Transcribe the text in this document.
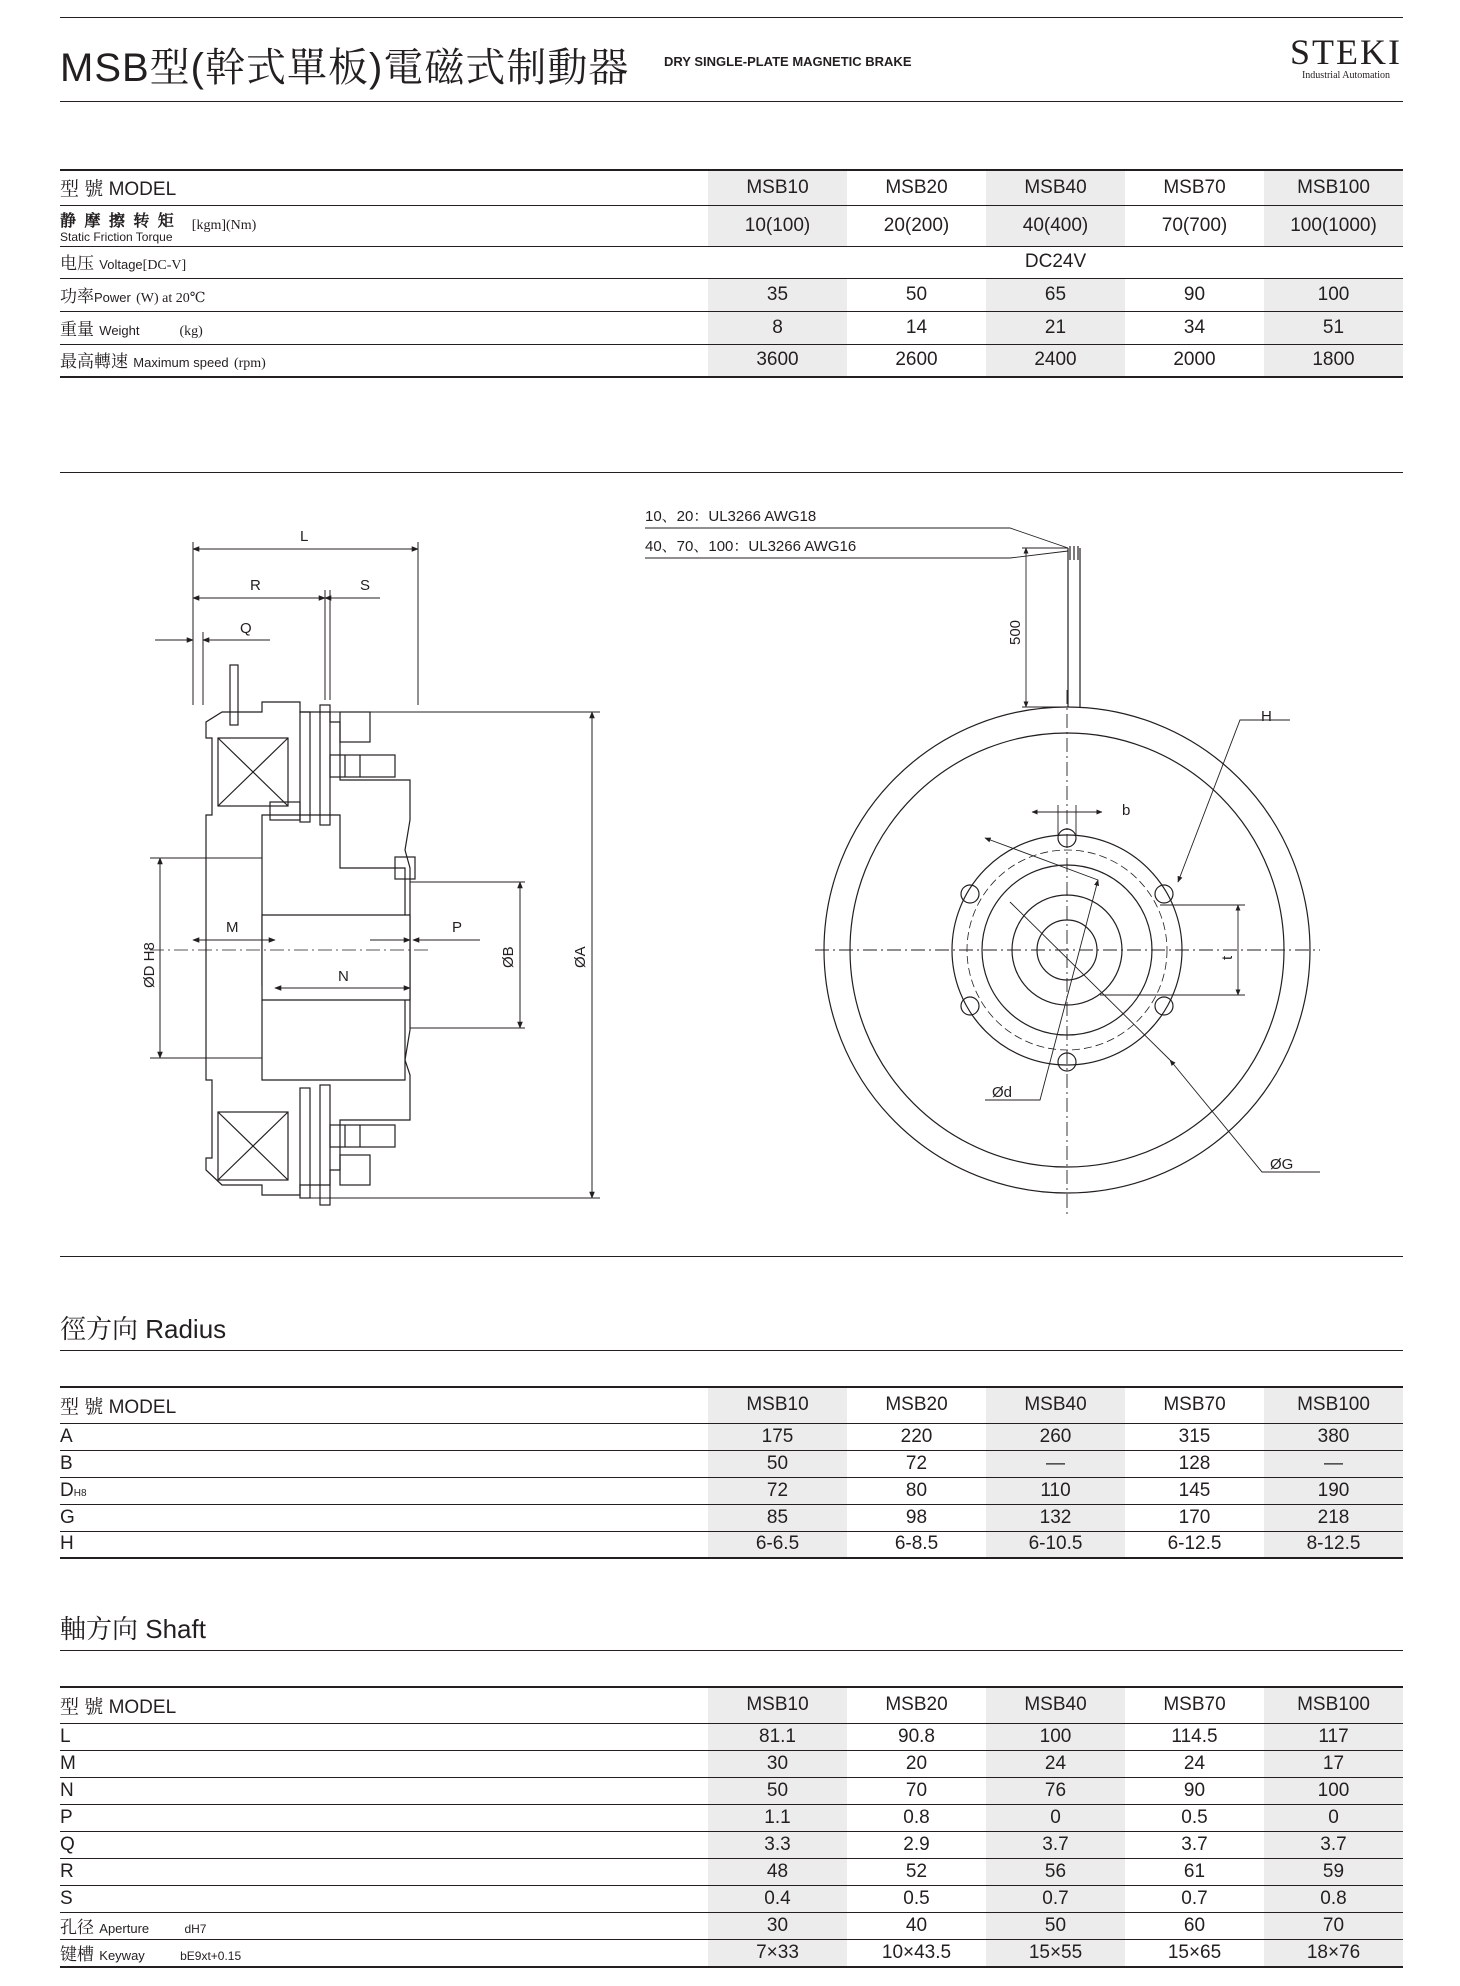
MSB型(幹式單板)電磁式制動器	DRY SINGLE-PLATE MAGNETIC BRAKE	STEKI
Industrial Automation
型 號 MODEL	MSB10	MSB20	MSB40	MSB70	MSB100

静 摩 擦 转 矩
Static Friction Torque
[kgm](Nm)	10(100)	20(200)	40(400)	70(700)	100(1000)
电压 Voltage[DC-V]	DC24V				
功率Power (W) at 20℃	35	50	65	90	100
重量 Weight (kg)	8	14	21	34	51
最高轉速 Maximum speed (rpm)	3600	2600	2400	2000	1800
L
R	S
Q
M
N
P
ØD H8	ØB	ØA
10、20：UL3266 AWG18
40、70、100：UL3266 AWG16
500
H
b
t
Ød
ØG
徑方向 Radius
型 號 MODEL	MSB10	MSB20	MSB40	MSB70	MSB100
A	175	220	260	315	380
B	50	72	—	128	—
DH8	72	80	110	145	190
G	85	98	132	170	218
H	6-6.5	6-8.5	6-10.5	6-12.5	8-12.5
軸方向 Shaft
型 號 MODEL	MSB10	MSB20	MSB40	MSB70	MSB100
L	81.1	90.8	100	114.5	117
M	30	20	24	24	17
N	50	70	76	90	100
P	1.1	0.8	0	0.5	0
Q	3.3	2.9	3.7	3.7	3.7
R	48	52	56	61	59
S	0.4	0.5	0.7	0.7	0.8
孔径 Aperture dH7	30	40	50	60	70
键槽 Keyway bE9xt+0.15	7×33	10×43.5	15×55	15×65	18×76
